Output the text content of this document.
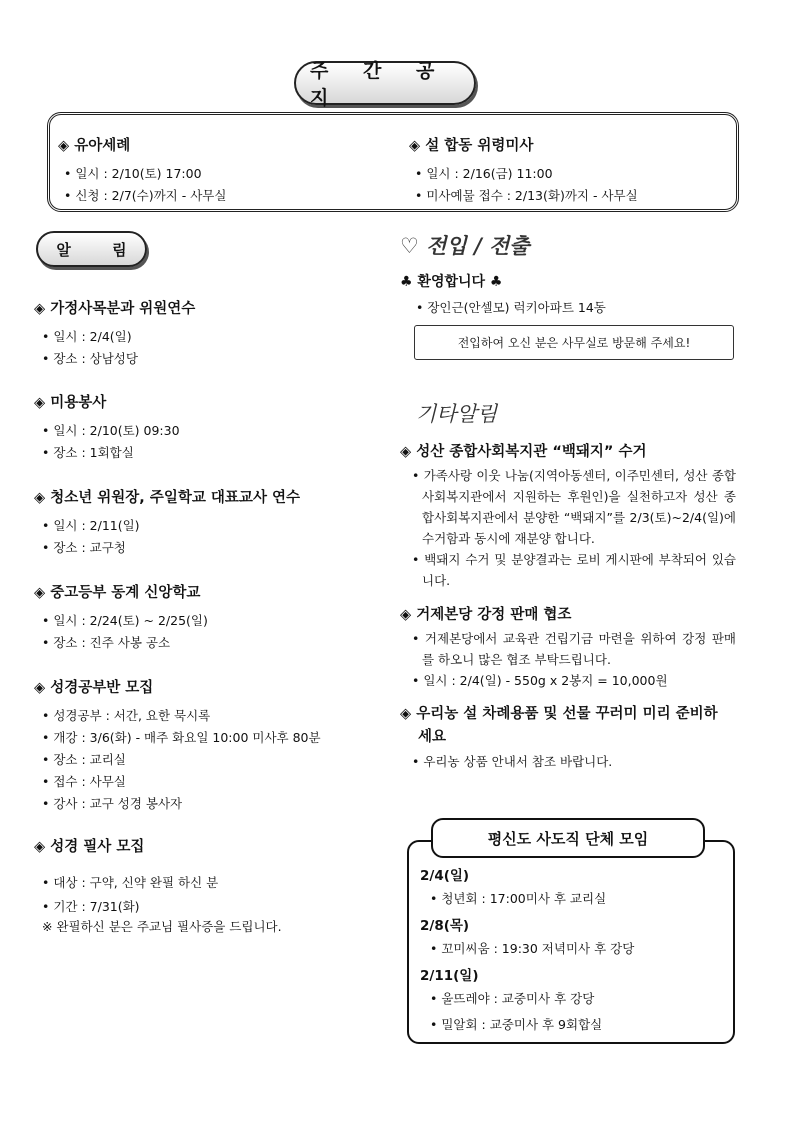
주 간 공 지
◈ 유아세례
• 일시 : 2/10(토) 17:00
• 신청 : 2/7(수)까지 - 사무실
◈ 설 합동 위령미사
• 일시 : 2/16(금) 11:00
• 미사예물 접수 : 2/13(화)까지 - 사무실
알 림
◈ 가정사목분과 위원연수
• 일시 : 2/4(일)
• 장소 : 상남성당
◈ 미용봉사
• 일시 : 2/10(토) 09:30
• 장소 : 1회합실
◈ 청소년 위원장, 주일학교 대표교사 연수
• 일시 : 2/11(일)
• 장소 : 교구청
◈ 중고등부 동계 신앙학교
• 일시 : 2/24(토) ~ 2/25(일)
• 장소 : 진주 사봉 공소
◈ 성경공부반 모집
• 성경공부 : 서간, 요한 묵시록
• 개강 : 3/6(화) - 매주 화요일 10:00 미사후 80분
• 장소 : 교리실
• 접수 : 사무실
• 강사 : 교구 성경 봉사자
◈ 성경 필사 모집
• 대상 : 구약, 신약 완필 하신 분
• 기간 : 7/31(화)
※ 완필하신 분은 주교님 필사증을 드립니다.
♡ 전입 / 전출
♣ 환영합니다 ♣
• 장인근(안셀모) 럭키아파트 14동
전입하여 오신 분은 사무실로 방문해 주세요!
기타알림
◈ 성산 종합사회복지관 “백돼지” 수거
• 가족사랑 이웃 나눔(지역아동센터, 이주민센터, 성산 종합사회복지관에서 지원하는 후원인)을 실천하고자 성산 종합사회복지관에서 분양한 “백돼지”를 2/3(토)~2/4(일)에 수거함과 동시에 재분양 합니다.
• 백돼지 수거 및 분양결과는 로비 게시판에 부착되어 있습니다.
◈ 거제본당 강정 판매 협조
• 거제본당에서 교육관 건립기금 마련을 위하여 강정 판매를 하오니 많은 협조 부탁드립니다.
• 일시 : 2/4(일) - 550g x 2봉지 = 10,000원
◈ 우리농 설 차례용품 및 선물 꾸러미 미리 준비하세요
• 우리농 상품 안내서 참조 바랍니다.
평신도 사도직 단체 모임
2/4(일)
• 청년회 : 17:00미사 후 교리실
2/8(목)
• 꼬미씨움 : 19:30 저녁미사 후 강당
2/11(일)
• 울뜨레야 : 교중미사 후 강당
• 밀알회 : 교중미사 후 9회합실
